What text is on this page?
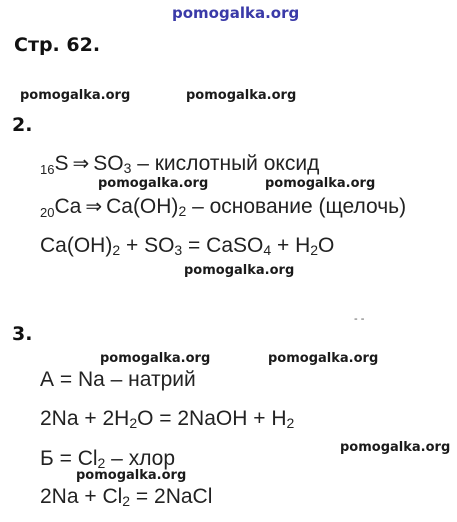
pomogalka.org
Стр. 62.
pomogalka.org	pomogalka.org
2.
16S ⇒ $SO_3$ – кислотный оксид
pomogalka.org	pomogalka.org
20Ca ⇒ $Ca(OH)_2$ – основание (щелочь)
$Ca(OH)_2 + SO_3$ = CaSO$_4$ + $H_2O$
pomogalka.org
- -
3.
pomogalka.org	pomogalka.org
А = Na – натрий
$2Na + 2H_2O$ = 2NaOH + $H_2$
pomogalka.org
$Б = Cl_2$ – хлор
pomogalka.org
$2Na + Cl_2$ = 2NaCl
